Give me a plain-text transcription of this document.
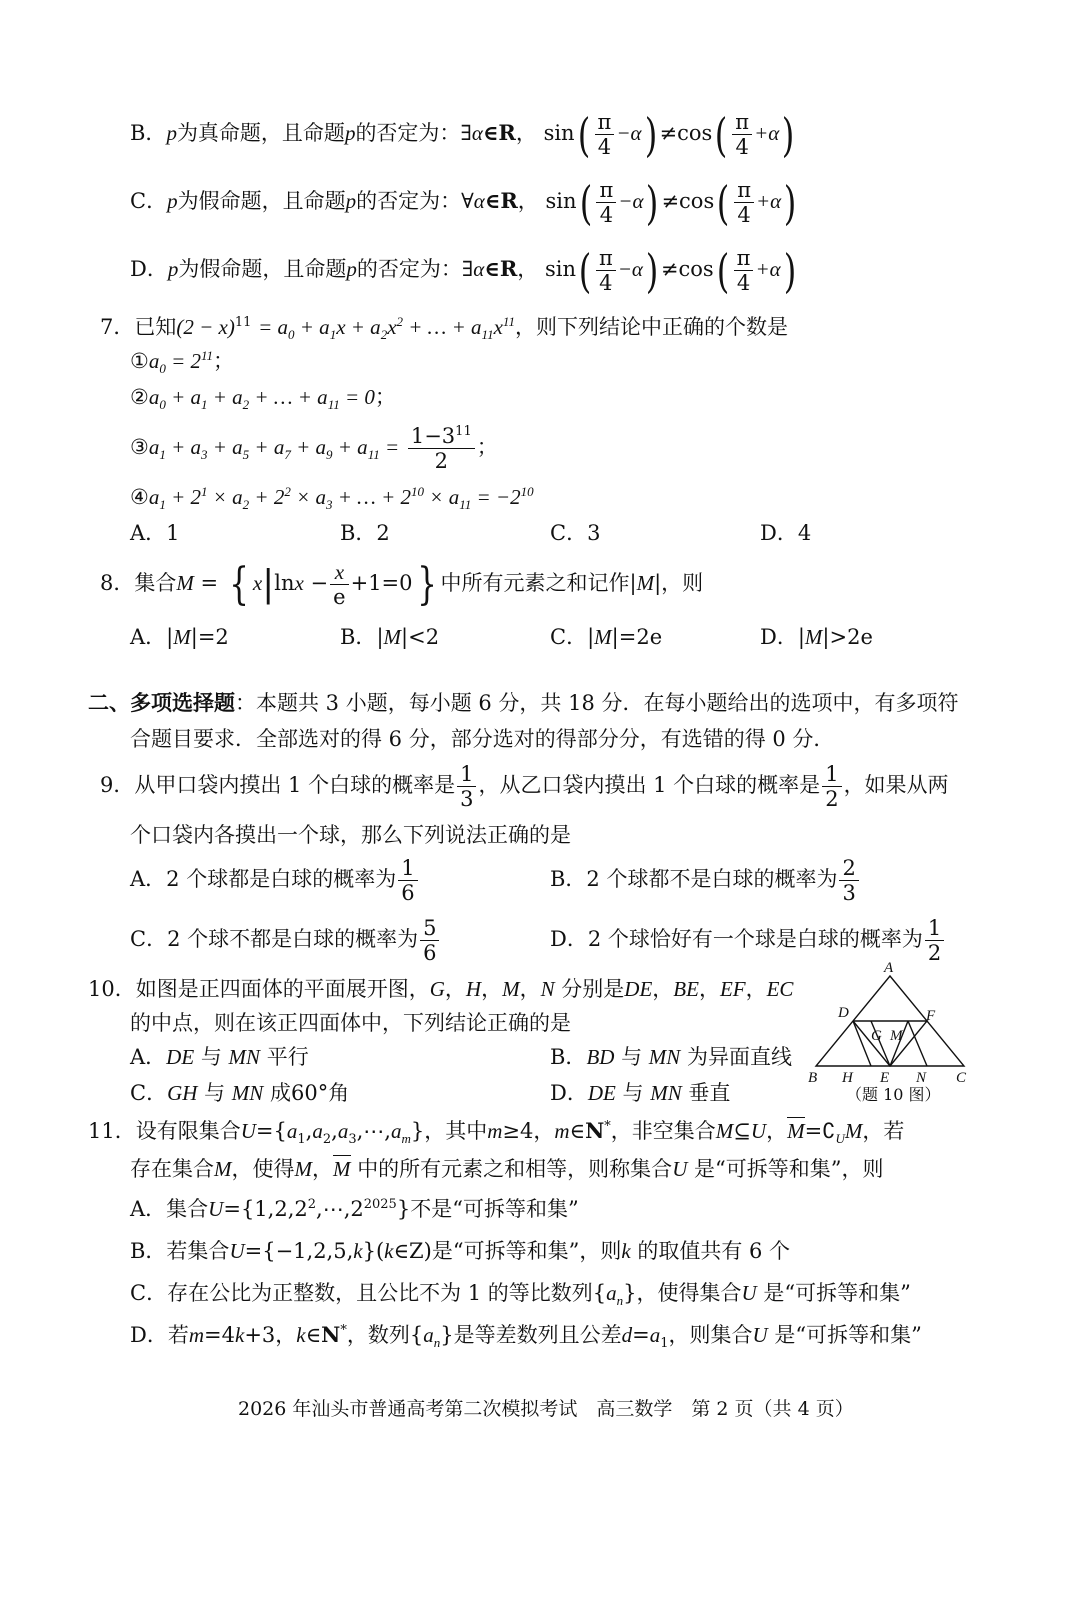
B．p为真命题，且命题p的否定为：∃α∈R， $\sin( \frac{\pi}{4} -\alpha) \ne\cos( \frac{\pi}{4} +\alpha)$
C．p为假命题，且命题p的否定为：∀α∈R， $\sin( \frac{\pi}{4} -\alpha) \ne\cos( \frac{\pi}{4} +\alpha)$
D．p为假命题，且命题p的否定为：∃α∈R， $\sin( \frac{\pi}{4} -\alpha) \ne\cos( \frac{\pi}{4} +\alpha)$
7．已知$(2 - x)^{11} = a_0 + a_1x + a_2x^2$ + … + $a_{11}x^{11}$，则下列结论中正确的个数是
$①a_0 = 2^{11}$；
$②a_0 + a_1 + a_2$ + … + $a_{11} = 0$；
$③a_1 + a_3 + a_5 + a_7 + a_9 + a_{11} = \frac{1-3^{11}}{2}$ ；
$④a_1 + 2^1 \times a_2 + 2^2 \times a_3$ + … + $2^{10} \times a_{11} = -2^{10}$
A．1	B．2	C．3	D．4
8．集合M = { $x|\ln x - \frac{x}{e} +1=0$} 中所有元素之和记作|M|，则
A．|M|=2	B．|M|<2	C．|M|=2e	D．|M|>2e
二、多项选择题：本题共 3 小题，每小题 6 分，共 18 分．在每小题给出的选项中，有多项符
合题目要求．全部选对的得 6 分，部分选对的得部分分，有选错的得 0 分．
9．从甲口袋内摸出 1 个白球的概率是 $\frac{1}{3}$ ，从乙口袋内摸出 1 个白球的概率是 $\frac{1}{2}$ ，如果从两
个口袋内各摸出一个球，那么下列说法正确的是
A．2 个球都是白球的概率为 $\frac{1}{6}$	B．2 个球都不是白球的概率为 $\frac{2}{3}$
C．2 个球不都是白球的概率为 $\frac{5}{6}$	D．2 个球恰好有一个球是白球的概率为 $\frac{1}{2}$
10．如图是正四面体的平面展开图，G，H，M，N 分别是DE，BE，EF，EC
的中点，则在该正四面体中，下列结论正确的是
A．DE 与 MN 平行	B．BD 与 MN 为异面直线
C．GH 与 MN 成60°角	D．DE 与 MN 垂直
A
D	F
G M
B H E N C
（题 10 图）
11．设有限集合$U=\{a_1,a_2,a_3,\cdots,a_m\}$，其中m≥4，m∈N*，非空集合M⊆U，$M=∁_UM$，若
存在集合M，使得M，M 中的所有元素之和相等，则称集合U 是“可拆等和集”，则
A．集合$U=\{1,2,2^2,\cdots,2^{2025}\}$不是“可拆等和集”
B．若集合U={−1,2,5,k}(k∈Z)是“可拆等和集”，则k 的取值共有 6 个
C．存在公比为正整数，且公比不为 1 的等比数列$\{a_n\}$，使得集合U 是“可拆等和集”
D．若m=4k+3，k∈N*，数列$\{a_n\}$是等差数列且公差$d=a_1$，则集合U 是“可拆等和集”
2026 年汕头市普通高考第二次模拟考试　高三数学　第 2 页（共 4 页）
